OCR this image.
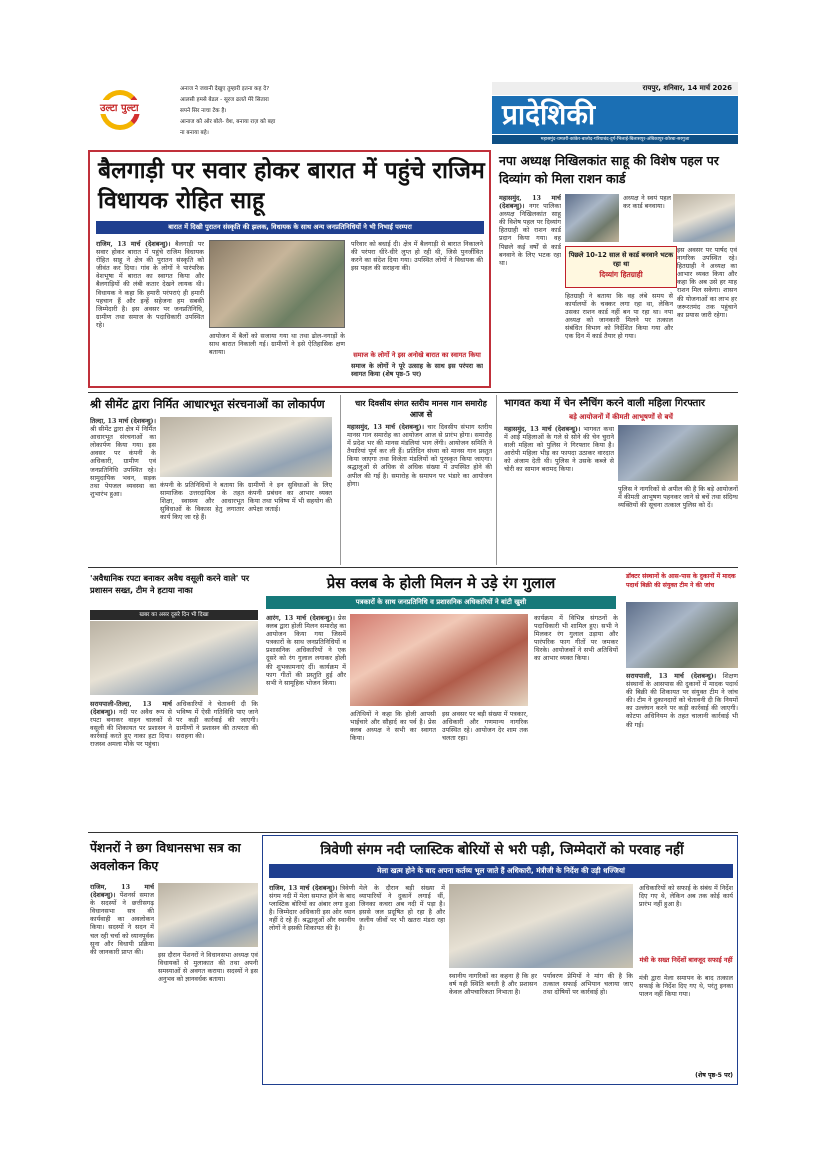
उल्टा पुल्टा
अनाज ने जवानी देखुए तुम्हारी इतना कह दे?
आलसी हमसे बेडल - सूरज ढलते मेरे सितारा
सपने सिर नाचा टेक है।
आनाज को ओर बोले- वेश, बनाया राज़ को बहा
ना बनाया बहे।
रायपुर, शनिवार, 14 मार्च 2026
प्रादेशिकी
महासमुंद-धमतरी-कांकेर-बालोद-गरियाबंद-दुर्ग-भिलाई-बिलासपुर-अंबिकापुर-कोरबा-सरगुजा
बैलगाड़ी पर सवार होकर बारात में पहुंचे राजिम विधायक रोहित साहू
बारात में दिखी पुरातन संस्कृति की झलक, विधायक के साथ अन्य जनप्रतिनिधियों ने भी निभाई परम्परा
राजिम, 13 मार्च (देशबन्धु)। बैलगाड़ी पर सवार होकर बारात में पहुंचे राजिम विधायक रोहित साहू ने क्षेत्र की पुरातन संस्कृति को जीवंत कर दिया। गांव के लोगों ने पारंपरिक वेशभूषा में बारात का स्वागत किया और बैलगाड़ियों की लंबी कतार देखने लायक थी। विधायक ने कहा कि हमारी परंपराएं ही हमारी पहचान हैं और इन्हें सहेजना हम सबकी जिम्मेदारी है। इस अवसर पर जनप्रतिनिधि, ग्रामीण तथा समाज के पदाधिकारी उपस्थित रहे।
आयोजन में बैलों को सजाया गया था तथा ढोल-नगाड़ों के साथ बारात निकाली गई। ग्रामीणों ने इसे ऐतिहासिक क्षण बताया।
परिवार को बधाई दी। क्षेत्र में बैलगाड़ी से बारात निकालने की परंपरा धीरे-धीरे लुप्त हो रही थी, जिसे पुनर्जीवित करने का संदेश दिया गया। उपस्थित लोगों ने विधायक की इस पहल की सराहना की।
समाज के लोगों ने इस अनोखे बारात का स्वागत किया
समाज के लोगों ने पूरे उत्साह के साथ इस परंपरा का स्वागत किया (शेष पृष्ठ-5 पर)
नपा अध्यक्ष निखिलकांत साहू की विशेष पहल पर दिव्यांग को मिला राशन कार्ड
महासमुंद, 13 मार्च (देशबन्धु)। नगर पालिका अध्यक्ष निखिलकांत साहू की विशेष पहल पर दिव्यांग हितग्राही को राशन कार्ड प्रदान किया गया। वह पिछले कई वर्षों से कार्ड बनवाने के लिए भटक रहा था।
अध्यक्ष ने स्वयं पहल कर कार्ड बनवाया।
पिछले 10-12 साल से कार्ड बनवाने भटक रहा था
दिव्यांग हितग्राही
हितग्राही ने बताया कि वह लंबे समय से कार्यालयों के चक्कर लगा रहा था, लेकिन उसका राशन कार्ड नहीं बन पा रहा था। नपा अध्यक्ष को जानकारी मिलने पर तत्काल संबंधित विभाग को निर्देशित किया गया और एक दिन में कार्ड तैयार हो गया।
इस अवसर पर पार्षद एवं नागरिक उपस्थित रहे। हितग्राही ने अध्यक्ष का आभार व्यक्त किया और कहा कि अब उसे हर माह राशन मिल सकेगा। शासन की योजनाओं का लाभ हर जरूरतमंद तक पहुंचाने का प्रयास जारी रहेगा।
श्री सीमेंट द्वारा निर्मित आधारभूत संरचनाओं का लोकार्पण
तिल्दा, 13 मार्च (देशबन्धु)। श्री सीमेंट द्वारा क्षेत्र में निर्मित आधारभूत संरचनाओं का लोकार्पण किया गया। इस अवसर पर कंपनी के अधिकारी, ग्रामीण एवं जनप्रतिनिधि उपस्थित रहे। सामुदायिक भवन, सड़क तथा पेयजल व्यवस्था का शुभारंभ हुआ।
कंपनी के प्रतिनिधियों ने बताया कि सामाजिक उत्तरदायित्व के तहत शिक्षा, स्वास्थ्य और आधारभूत सुविधाओं के विकास हेतु लगातार कार्य किए जा रहे हैं।
ग्रामीणों ने इन सुविधाओं के लिए कंपनी प्रबंधन का आभार व्यक्त किया तथा भविष्य में भी सहयोग की अपेक्षा जताई।
चार दिवसीय संगत स्तरीय मानस गान समारोह आज से
महासमुंद, 13 मार्च (देशबन्धु)। चार दिवसीय संभाग स्तरीय मानस गान समारोह का आयोजन आज से प्रारंभ होगा। समारोह में प्रदेश भर की मानस मंडलियां भाग लेंगी। आयोजन समिति ने तैयारियां पूर्ण कर ली हैं। प्रतिदिन संध्या को मानस गान प्रस्तुत किया जाएगा तथा विजेता मंडलियों को पुरस्कृत किया जाएगा। श्रद्धालुओं से अधिक से अधिक संख्या में उपस्थित होने की अपील की गई है। समारोह के समापन पर भंडारे का आयोजन होगा।
भागवत कथा में चेन स्नैचिंग करने वाली महिला गिरफ्तार
बड़े आयोजनों में कीमती आभूषणों से बचें
महासमुंद, 13 मार्च (देशबन्धु)। भागवत कथा में आई महिलाओं के गले से सोने की चेन चुराने वाली महिला को पुलिस ने गिरफ्तार किया है। आरोपी महिला भीड़ का फायदा उठाकर वारदात को अंजाम देती थी। पुलिस ने उसके कब्जे से चोरी का सामान बरामद किया।
पुलिस ने नागरिकों से अपील की है कि बड़े आयोजनों में कीमती आभूषण पहनकर जाने से बचें तथा संदिग्ध व्यक्तियों की सूचना तत्काल पुलिस को दें।
'अवैधानिक रपटा बनाकर अवैध वसूली करने वाले' पर प्रशासन सख्त, टीम ने हटाया नाका
खबर का असर दूसरे दिन भी दिखा
सरायपाली-तिल्दा, 13 मार्च (देशबन्धु)। नदी पर अवैध रूप से रपटा बनाकर वाहन चालकों से वसूली की शिकायत पर प्रशासन ने कार्रवाई करते हुए नाका हटा दिया। राजस्व अमला मौके पर पहुंचा।
अधिकारियों ने चेतावनी दी कि भविष्य में ऐसी गतिविधि पाए जाने पर कड़ी कार्रवाई की जाएगी। ग्रामीणों ने प्रशासन की तत्परता की सराहना की।
प्रेस क्लब के होली मिलन मे उड़े रंग गुलाल
पत्रकारों के साथ जनप्रतिनिधि व प्रशासनिक अधिकारियों ने बांटी खुशी
आरंग, 13 मार्च (देशबन्धु)। प्रेस क्लब द्वारा होली मिलन समारोह का आयोजन किया गया जिसमें पत्रकारों के साथ जनप्रतिनिधियों व प्रशासनिक अधिकारियों ने एक दूसरे को रंग गुलाल लगाकर होली की शुभकामनाएं दीं। कार्यक्रम में फाग गीतों की प्रस्तुति हुई और सभी ने सामूहिक भोजन किया।
अतिथियों ने कहा कि होली आपसी भाईचारे और सौहार्द का पर्व है। प्रेस क्लब अध्यक्ष ने सभी का स्वागत किया।
इस अवसर पर बड़ी संख्या में पत्रकार, अधिकारी और गणमान्य नागरिक उपस्थित रहे। आयोजन देर शाम तक चलता रहा।
कार्यक्रम में विभिन्न संगठनों के पदाधिकारी भी शामिल हुए। सभी ने मिलकर रंग गुलाल उड़ाया और पारंपरिक फाग गीतों पर जमकर थिरके। आयोजकों ने सभी अतिथियों का आभार व्यक्त किया।
डॉक्टर संस्थानों के आस-पास के दुकानों में मादक पदार्थ बिक्री की संयुक्त टीम ने की जांच
सरायपाली, 13 मार्च (देशबन्धु)। शिक्षण संस्थानों के आसपास की दुकानों में मादक पदार्थ की बिक्री की शिकायत पर संयुक्त टीम ने जांच की। टीम ने दुकानदारों को चेतावनी दी कि नियमों का उल्लंघन करने पर कड़ी कार्रवाई की जाएगी। कोटपा अधिनियम के तहत चालानी कार्रवाई भी की गई।
पेंशनरों ने छग विधानसभा सत्र का अवलोकन किए
राजिम, 13 मार्च (देशबन्धु)। पेंशनर्स समाज के सदस्यों ने छत्तीसगढ़ विधानसभा सत्र की कार्यवाही का अवलोकन किया। सदस्यों ने सदन में चल रही चर्चा को ध्यानपूर्वक सुना और विधायी प्रक्रिया की जानकारी प्राप्त की।	इस दौरान पेंशनरों ने विधानसभा अध्यक्ष एवं विधायकों से मुलाकात की तथा अपनी समस्याओं से अवगत कराया। सदस्यों ने इस अनुभव को ज्ञानवर्धक बताया।
त्रिवेणी संगम नदी प्लास्टिक बोरियों से भरी पड़ी, जिम्मेदारों को परवाह नहीं
मेला खत्म होने के बाद अपना कर्तव्य भूल जाते हैं अधिकारी, मंत्रीजी के निर्देश की उड़ी धज्जियां
राजिम, 13 मार्च (देशबन्धु)। त्रिवेणी संगम नदी में मेला समाप्त होने के बाद प्लास्टिक बोरियों का अंबार लगा हुआ है। जिम्मेदार अधिकारी इस ओर ध्यान नहीं दे रहे हैं। श्रद्धालुओं और स्थानीय लोगों ने इसकी शिकायत की है।
मेले के दौरान बड़ी संख्या में व्यापारियों ने दुकानें लगाई थीं, जिनका कचरा अब नदी में पड़ा है। इससे जल प्रदूषित हो रहा है और जलीय जीवों पर भी खतरा मंडरा रहा है।
स्थानीय नागरिकों का कहना है कि हर वर्ष यही स्थिति बनती है और प्रशासन केवल औपचारिकता निभाता है।
पर्यावरण प्रेमियों ने मांग की है कि तत्काल सफाई अभियान चलाया जाए तथा दोषियों पर कार्रवाई हो।
अधिकारियों को सफाई के संबंध में निर्देश दिए गए थे, लेकिन अब तक कोई कार्य प्रारंभ नहीं हुआ है।
मंत्री के सख्त निर्देशों बावजूद सफाई नहीं
मंत्री द्वारा मेला समापन के बाद तत्काल सफाई के निर्देश दिए गए थे, परंतु इनका पालन नहीं किया गया।
(शेष पृष्ठ-5 पर)
